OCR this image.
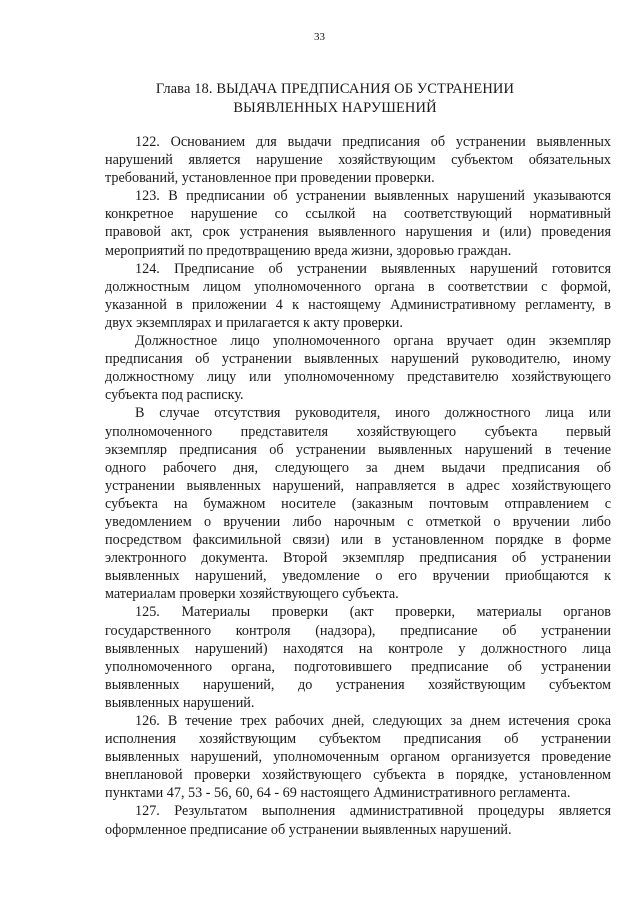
33
Глава 18. ВЫДАЧА ПРЕДПИСАНИЯ ОБ УСТРАНЕНИИ
ВЫЯВЛЕННЫХ НАРУШЕНИЙ

122. Основанием для выдачи предписания об устранении выявленных
нарушений является нарушение хозяйствующим субъектом обязательных
требований, установленное при проведении проверки.

123. В предписании об устранении выявленных нарушений указываются
конкретное нарушение со ссылкой на соответствующий нормативный
правовой акт, срок устранения выявленного нарушения и (или) проведения
мероприятий по предотвращению вреда жизни, здоровью граждан.

124. Предписание об устранении выявленных нарушений готовится
должностным лицом уполномоченного органа в соответствии с формой,
указанной в приложении 4 к настоящему Административному регламенту, в
двух экземплярах и прилагается к акту проверки.

Должностное лицо уполномоченного органа вручает один экземпляр
предписания об устранении выявленных нарушений руководителю, иному
должностному лицу или уполномоченному представителю хозяйствующего
субъекта под расписку.

В случае отсутствия руководителя, иного должностного лица или
уполномоченного представителя хозяйствующего субъекта первый
экземпляр предписания об устранении выявленных нарушений в течение
одного рабочего дня, следующего за днем выдачи предписания об
устранении выявленных нарушений, направляется в адрес хозяйствующего
субъекта на бумажном носителе (заказным почтовым отправлением с
уведомлением о вручении либо нарочным с отметкой о вручении либо
посредством факсимильной связи) или в установленном порядке в форме
электронного документа. Второй экземпляр предписания об устранении
выявленных нарушений, уведомление о его вручении приобщаются к
материалам проверки хозяйствующего субъекта.

125. Материалы проверки (акт проверки, материалы органов
государственного контроля (надзора), предписание об устранении
выявленных нарушений) находятся на контроле у должностного лица
уполномоченного органа, подготовившего предписание об устранении
выявленных нарушений, до устранения хозяйствующим субъектом
выявленных нарушений.

126. В течение трех рабочих дней, следующих за днем истечения срока
исполнения хозяйствующим субъектом предписания об устранении
выявленных нарушений, уполномоченным органом организуется проведение
внеплановой проверки хозяйствующего субъекта в порядке, установленном
пунктами 47, 53 - 56, 60, 64 - 69 настоящего Административного регламента.

127. Результатом выполнения административной процедуры является
оформленное предписание об устранении выявленных нарушений.
